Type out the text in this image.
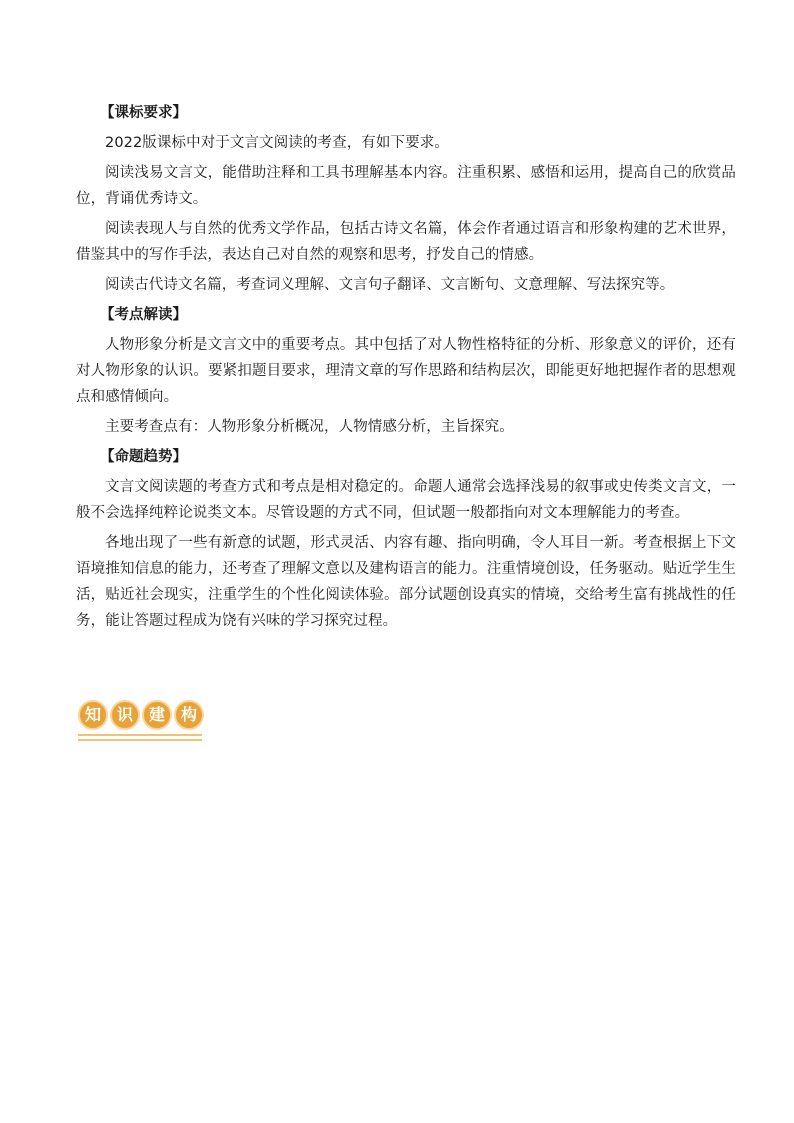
【课标要求】

2022版课标中对于文言文阅读的考查，有如下要求。

阅读浅易文言文，能借助注释和工具书理解基本内容。注重积累、感悟和运用，提高自己的欣赏品位，背诵优秀诗文。

阅读表现人与自然的优秀文学作品，包括古诗文名篇，体会作者通过语言和形象构建的艺术世界，借鉴其中的写作手法，表达自己对自然的观察和思考，抒发自己的情感。

阅读古代诗文名篇，考查词义理解、文言句子翻译、文言断句、文意理解、写法探究等。

【考点解读】

人物形象分析是文言文中的重要考点。其中包括了对人物性格特征的分析、形象意义的评价，还有对人物形象的认识。要紧扣题目要求，理清文章的写作思路和结构层次，即能更好地把握作者的思想观点和感情倾向。

主要考查点有：人物形象分析概况，人物情感分析，主旨探究。

【命题趋势】

文言文阅读题的考查方式和考点是相对稳定的。命题人通常会选择浅易的叙事或史传类文言文，一般不会选择纯粹论说类文本。尽管设题的方式不同，但试题一般都指向对文本理解能力的考查。

各地出现了一些有新意的试题，形式灵活、内容有趣、指向明确，令人耳目一新。考查根据上下文语境推知信息的能力，还考查了理解文意以及建构语言的能力。注重情境创设，任务驱动。贴近学生生活，贴近社会现实，注重学生的个性化阅读体验。部分试题创设真实的情境，交给考生富有挑战性的任务，能让答题过程成为饶有兴味的学习探究过程。

知 识 建 构
